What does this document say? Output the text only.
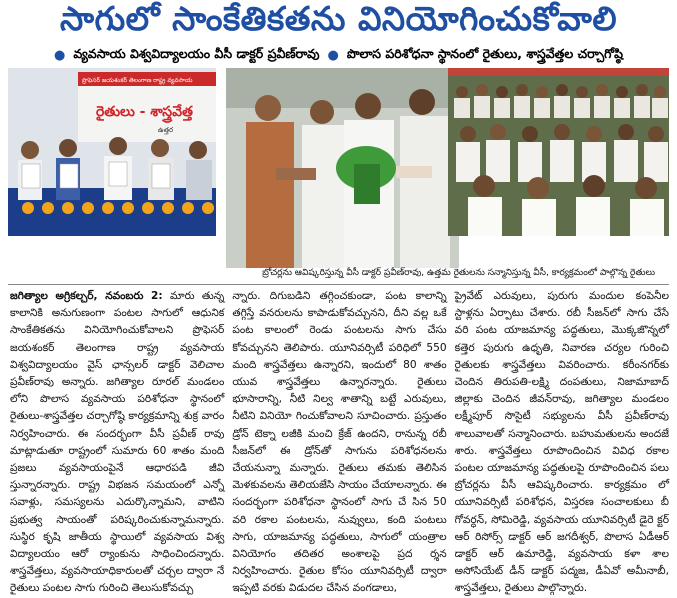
సాగులో సాంకేతికతను వినియోగించుకోవాలి
● వ్యవసాయ విశ్వవిద్యాలయం వీసీ డాక్టర్ ప్రవీణ్‌రావు ● పొలాస పరిశోధనా స్థానంలో రైతులు, శాస్త్రవేత్తల చర్చాగోష్ఠి
ప్రొఫెసర్ జయశంకర్ తెలంగాణ రాష్ట్ర వ్యవసాయ
రైతులు - శాస్త్రవేత్త
ఉత్తర
బ్రోచర్లను ఆవిష్కరిస్తున్న వీసీ డాక్టర్ ప్రవీణ్‌రావు, ఉత్తమ రైతులను సన్మానిస్తున్న వీసీ, కార్యక్రమంలో పాల్గొన్న రైతులు

జగిత్యాల అగ్రికల్చర్, నవంబరు 2: మారు తున్న కాలానికి అనుగుణంగా పంటల సాగులో ఆధునిక సాంకేతికతను వినియోగించుకోవాలని ప్రొఫెసర్ జయశంకర్ తెలంగాణ రాష్ట్ర వ్యవసాయ విశ్వవిద్యాలయం వైస్ ఛాన్సలర్ డాక్టర్ వెలిచాల ప్రవీణ్‌రావు అన్నారు. జగిత్యాల రూరల్ మండలం లోని పొలాస వ్యవసాయ పరిశోధనా స్థానంలో రైతులు-శాస్త్రవేత్తల చర్చాగోష్ఠి కార్యక్రమాన్ని శుక్ర వారం నిర్వహించారు. ఈ సందర్భంగా వీసీ ప్రవీణ్ రావు మాట్లాడుతూ రాష్ట్రంలో సుమారు 60 శాతం మంది ప్రజలు వ్యవసాయంపైనే ఆధారపడి జీవి స్తున్నారన్నారు. రాష్ట్ర విభజన సమయంలో ఎన్నో సవాళ్లు, సమస్యలను ఎదుర్కొన్నామని, వాటిని ప్రభుత్వ సాయంతో పరిష్కరించుకున్నామన్నారు. సుస్థిర కృషి జాతీయ స్థాయిలో వ్యవసాయ విశ్వ విద్యాలయం ఆరో ర్యాంకును సాధించిందన్నారు. శాస్త్రవేత్తలు, వ్యవసాయాధికారులతో చర్చల ద్వారా నే రైతులు పంటల సాగు గురించి తెలుసుకోవచ్చు

న్నారు. దిగుబడిని తగ్గించకుండా, పంట కాలాన్ని తగ్గిస్తే వనరులను కాపాడుకోవచ్చునని, దీని వల్ల ఒకే పంట కాలంలో రెండు పంటలను సాగు చేసు కోవచ్చునని తెలిపారు. యూనివర్సిటీ పరిధిలో 550 మంది శాస్త్రవేత్తలు ఉన్నారని, ఇందులో 80 శాతం యువ శాస్త్రవేత్తలు ఉన్నారన్నారు. రైతులు భూసారాన్ని, నీటి నిల్వ శాతాన్ని బట్టే ఎరువులు, నీటిని వినియో గించుకోవాలని సూచించారు. ప్రస్తుతం డ్రోన్ టెక్నా లజీకి మంచి క్రేజ్ ఉందని, రానున్న రబీ సీజన్‌లో ఈ డ్రోన్‌తో సాగును పరిశోధనలను చేయనున్నా మన్నారు. రైతులు తమకు తెలిసిన మెళకువలను తెలియజేసి సాయం చేయాలన్నారు. ఈ సందర్భంగా పరిశోధనా స్థానంలో సాగు చే సిన 50 వరి రకాల పంటలను, నువ్వులు, కంది పంటలు సాగు, యాజమాన్య పద్ధతులు, సాగులో యంత్రాల వినియోగం తదితర అంశాలపై ప్రద ర్శన నిర్వహించారు. రైతుల కోసం యూనివర్సిటీ ద్వారా ఇప్పటి వరకు విడుదల చేసిన వంగడాలు,

ప్రైవేట్ ఎరువులు, పురుగు మందుల కంపెనీల స్టాళ్లను ఏర్పాటు చేశారు. రబీ సీజన్‌లో సాగు చేసే వరి పంట యాజమాన్య పద్ధతులు, మొక్కజొన్నలో కత్తెర పురుగు ఉధృతి, నివారణ చర్యల గురించి రైతులకు శాస్త్రవేత్తలు వివరించారు. కరీంనగర్‌కు చెందిన తిరుపతి-లక్ష్మి దంపతులు, నిజామాబాద్ జిల్లాకు చెందిన జీవన్‌రావు, జగిత్యాల మండలం లక్ష్మీపూర్ సొసైటీ సభ్యులను వీసీ ప్రవీణ్‌రావు శాలువాలతో సన్మానించారు. బహుమతులను అందజే శారు. శాస్త్రవేత్తలు రూపొందించిన వివిధ రకాల పంటల యాజమాన్య పద్ధతులపై రూపొందించిన పలు బ్రోచర్లను వీసీ ఆవిష్కరించారు. కార్యక్రమం లో యూనివర్సిటీ పరిశోధన, విస్తరణ సంచాలకులు బీ గోవర్ధన్, సోమిరెడ్డి, వ్యవసాయ యూనివర్సిటీ డైరె క్టర్ ఆర్ రిసోర్స్ డాక్టర్ ఆర్ జగదీశ్వర్, పొలాస ఏడీఆర్ డాక్టర్ ఆర్ ఉమారెడ్డి, వ్యవసాయ కళా శాల అసోసియేట్ డీన్ డాక్టర్ పద్మజ, డీఏవో అమీనాబీ, శాస్త్రవేత్తలు, రైతులు పాల్గొన్నారు.
